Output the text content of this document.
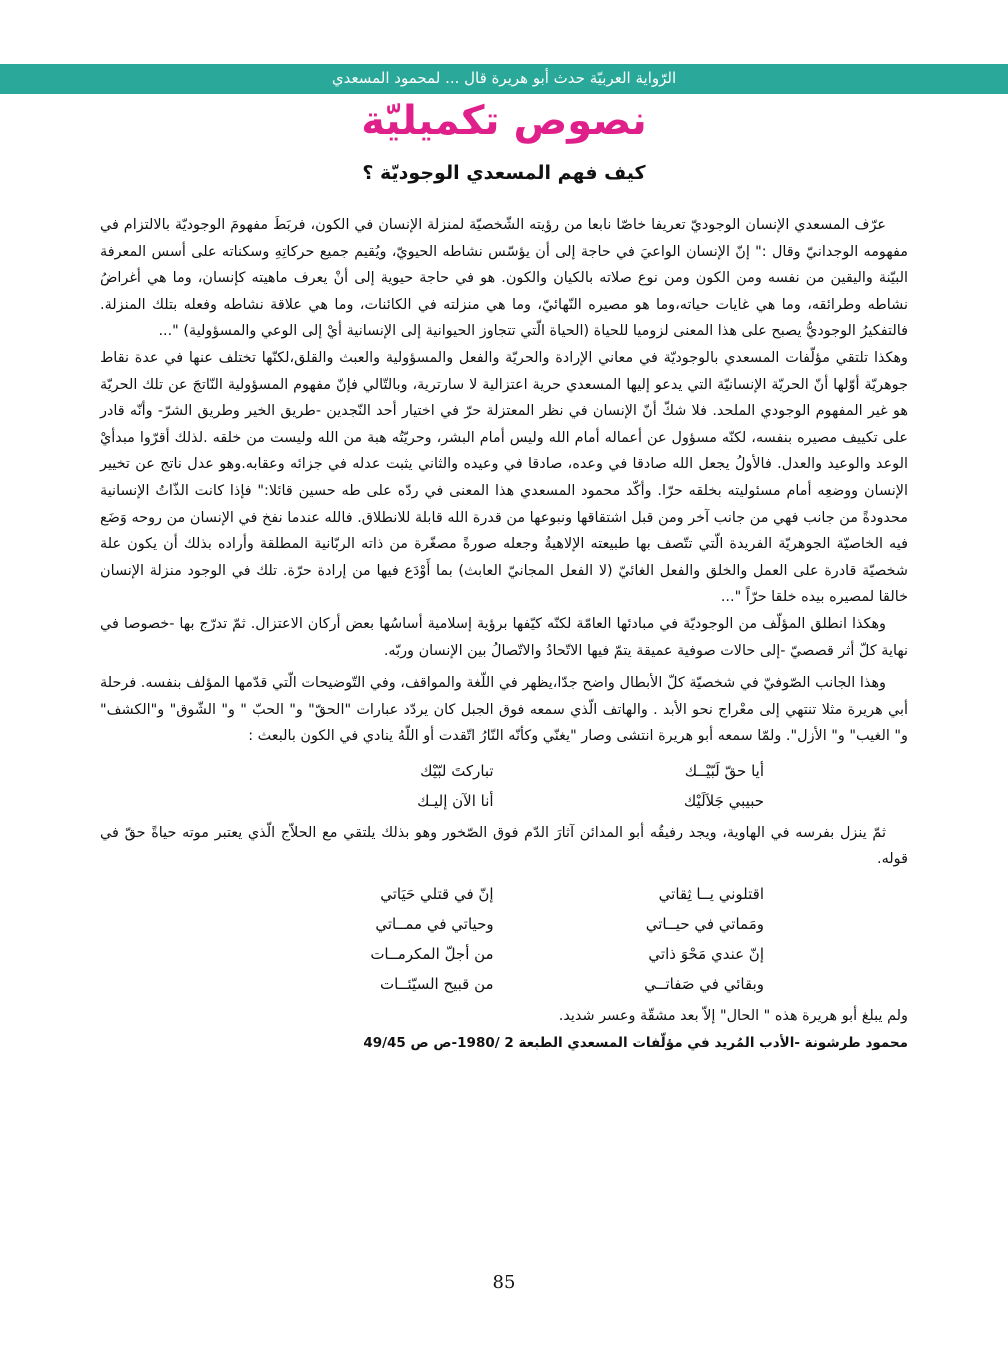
الرّواية العربيّة حدث أبو هريرة قال ... لمحمود المسعدي
نصوص تكميليّة
كيف فهم المسعدي الوجوديّة ؟

عرّف المسعدي الإنسان الوجوديّ تعريفا خاصّا نابعا من رؤيته الشّخصيّة لمنزلة الإنسان في الكون، فربَطَ مفهومَ الوجوديّة بالالتزام في مفهومه الوجدانيّ وقال :" إنّ الإنسان الواعيَ في حاجة إلى أن يؤسّس نشاطه الحيويّ، ويُقيم جميع حركاتِهِ وسكناته على أسس المعرفة البيّنة واليقين من نفسه ومن الكون ومن نوع صلاته بالكيان والكون. هو في حاجة حيوية إلى أنْ يعرف ماهيته كإنسان، وما هي أغراضُ نشاطه وطرائقه، وما هي غايات حياته،وما هو مصيره النّهائيّ، وما هي منزلته في الكائنات، وما هي علاقة نشاطه وفعله بتلك المنزلة. فالتفكيرُ الوجوديُّ يصبح على هذا المعنى لزوميا للحياة (الحياة الّتي تتجاوز الحيوانية إلى الإنسانية أيْ إلى الوعي والمسؤولية) "...

وهكذا تلتقي مؤلّفات المسعدي بالوجوديّة في معاني الإرادة والحريّة والفعل والمسؤولية والعبث والقلق،لكنّها تختلف عنها في عدة نقاط جوهريّة أوّلها أنّ الحريّة الإنسانيّة التي يدعو إليها المسعدي حرية اعتزالية لا سارترية، وبالتّالي فإنّ مفهوم المسؤولية النّاتجَ عن تلك الحريّة هو غير المفهوم الوجودي الملحد. فلا شكّ أنّ الإنسان في نظر المعتزلة حرّ في اختيار أحد النّجدين -طريق الخير وطريق الشرّ- وأنّه قادر على تكييف مصيره بنفسه، لكنّه مسؤول عن أعماله أمام الله وليس أمام البشر، وحريّتُه هبة من الله وليست من خلقه .لذلك أقرّوا مبدأيْ الوعد والوعيد والعدل. فالأولُ يجعل الله صادقا في وعده، صادقا في وعيده والثاني يثبت عدله في جزائه وعقابه.وهو عدل ناتج عن تخيير الإنسان ووضعِه أمام مسئوليته بخلقه حرّا. وأكّد محمود المسعدي هذا المعنى في ردّه على طه حسين قائلا:" فإذا كانت الذّاتُ الإنسانية محدودةً من جانب فهي من جانب آخر ومن قبل اشتقاقها ونبوعها من قدرة الله قابلة للانطلاق. فالله عندما نفخ في الإنسان من روحه وَضَع فيه الخاصيّة الجوهريّة الفريدة الّتي تتّصف بها طبيعته الإلاهيةُ وجعله صورةً مصغّرة من ذاته الربّانية المطلقة وأراده بذلك أن يكون علة شخصيّة قادرة على العمل والخلق والفعل الغائيّ (لا الفعل المجانيّ العابث) بما أَوْدَع فيها من إرادة حرّة. تلك في الوجود منزلة الإنسان خالقا لمصيره بيده خلقا حرّاً "...

وهكذا انطلق المؤلّف من الوجوديّة في مبادئها العامّة لكنّه كيّفها برؤية إسلامية أساسُها بعض أركان الاعتزال. ثمّ تدرّج بها -خصوصا في نهاية كلّ أثر قصصيّ -إلى حالات صوفية عميقة يتمّ فيها الاتّحادُ والاتّصالُ بين الإنسان وربّه.

وهذا الجانب الصّوفيّ في شخصيّة كلّ الأبطال واضح جدّا،يظهر في اللّغة والمواقف، وفي التّوضيحات الّتي قدّمها المؤلف بنفسه. فرحلة أبي هريرة مثلا تنتهي إلى معْراج نحو الأبد . والهاتف الّذي سمعه فوق الجبل كان يردّد عبارات "الحقّ" و" الحبّ " و" الشّوق" و"الكشف" و" الغيب" و" الأزل". ولمّا سمعه أبو هريرة انتشى وصار "يغنّي وكأنّه النّارُ اتّقدت أو اللّهُ ينادي في الكون بالبعث :

أيا حقّ لَبّيْــك
تباركتَ لبّيْك
حبيبي جَلاَلَيْك
أنا الآن إليـك

ثمّ ينزل بفرسه في الهاوية، ويجد رفيقُه أبو المدائن آثارَ الدّم فوق الصّخور وهو بذلك يلتقي مع الحلاّج الّذي يعتبر موته حياةً حقّ في قوله.

اقتلوني يــا ثِقاتي
إنّ في قتلي حَيَاتي
ومَماتي في حيــاتي
وحياتي في ممــاتي
إنّ عندي مَحْوَ ذاتي
من أجلّ المكرمــات
وبقائي في صَفاتــي
من قبيح السيّئــات

ولم يبلغ أبو هريرة هذه " الحال" إلاّ بعد مشقّة وعسر شديد.

محمود طرشونة -الأدب المُريد في مؤلّفات المسعدي الطبعة 2 /1980-ص ص 49/45

85
